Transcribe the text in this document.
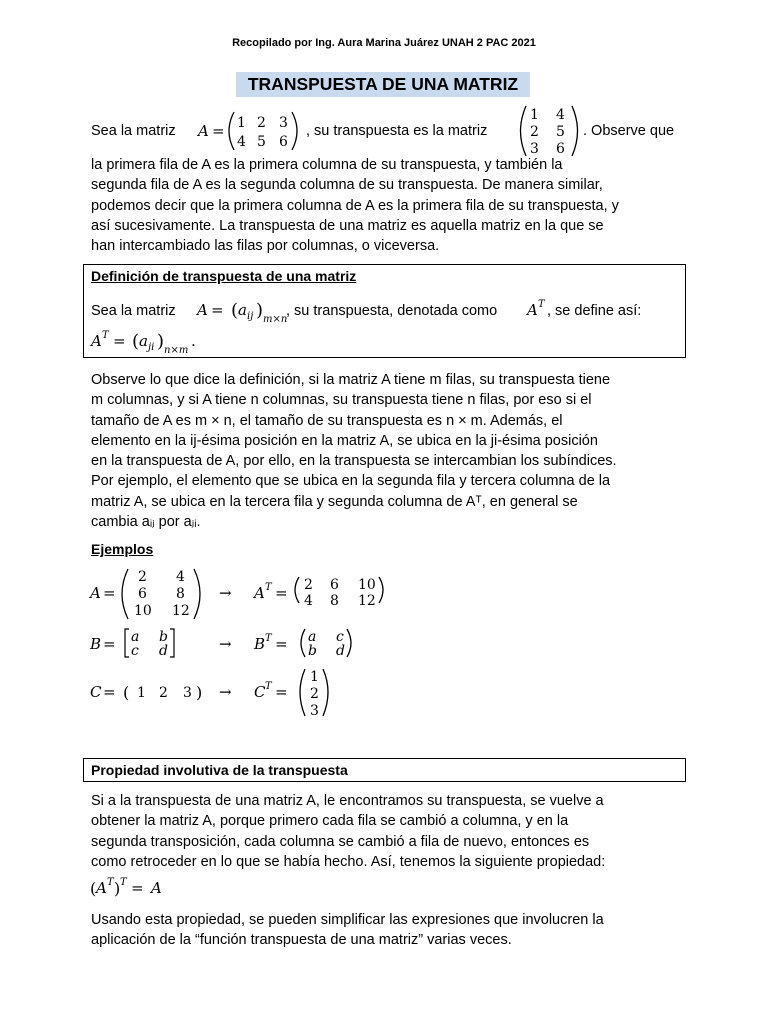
Recopilado por Ing. Aura Marina Juárez UNAH 2 PAC 2021
TRANSPUESTA DE UNA MATRIZ
Sea la matriz A = 1 2 3
4 5 6
, su transpuesta es la matriz
1 4
2 5
3 6
. Observe que
la primera fila de A es la primera columna de su transpuesta, y también la
segunda fila de A es la segunda columna de su transpuesta. De manera similar,
podemos decir que la primera columna de A es la primera fila de su transpuesta, y
así sucesivamente. La transpuesta de una matriz es aquella matriz en la que se
han intercambiado las filas por columnas, o viceversa.
Definición de transpuesta de una matriz
Sea la matriz A = ( a ij ) m×n
, su transpuesta, denotada como A T , se define así:
A T = ( a ji ) n×m
.
Observe lo que dice la definición, si la matriz A tiene m filas, su transpuesta tiene
m columnas, y si A tiene n columnas, su transpuesta tiene n filas, por eso si el
tamaño de A es m × n, el tamaño de su transpuesta es n × m. Además, el
elemento en la ij-ésima posición en la matriz A, se ubica en la ji-ésima posición
en la transpuesta de A, por ello, en la transpuesta se intercambian los subíndices.
Por ejemplo, el elemento que se ubica en la segunda fila y tercera columna de la
matriz A, se ubica en la tercera fila y segunda columna de Aᵀ, en general se
cambia aᵢⱼ por aⱼᵢ.
Ejemplos
A =
2 4
6 8
10 12
→ A T = 2 6 10
4 8 12
B = a b
c d	→ B T = a c
b d
C = ( 1 2 3 ) → C T =
1
2
3
Propiedad involutiva de la transpuesta
Si a la transpuesta de una matriz A, le encontramos su transpuesta, se vuelve a
obtener la matriz A, porque primero cada fila se cambió a columna, y en la
segunda transposición, cada columna se cambió a fila de nuevo, entonces es
como retroceder en lo que se había hecho. Así, tenemos la siguiente propiedad:
( A T ) T = A
Usando esta propiedad, se pueden simplificar las expresiones que involucren la
aplicación de la “función transpuesta de una matriz” varias veces.
